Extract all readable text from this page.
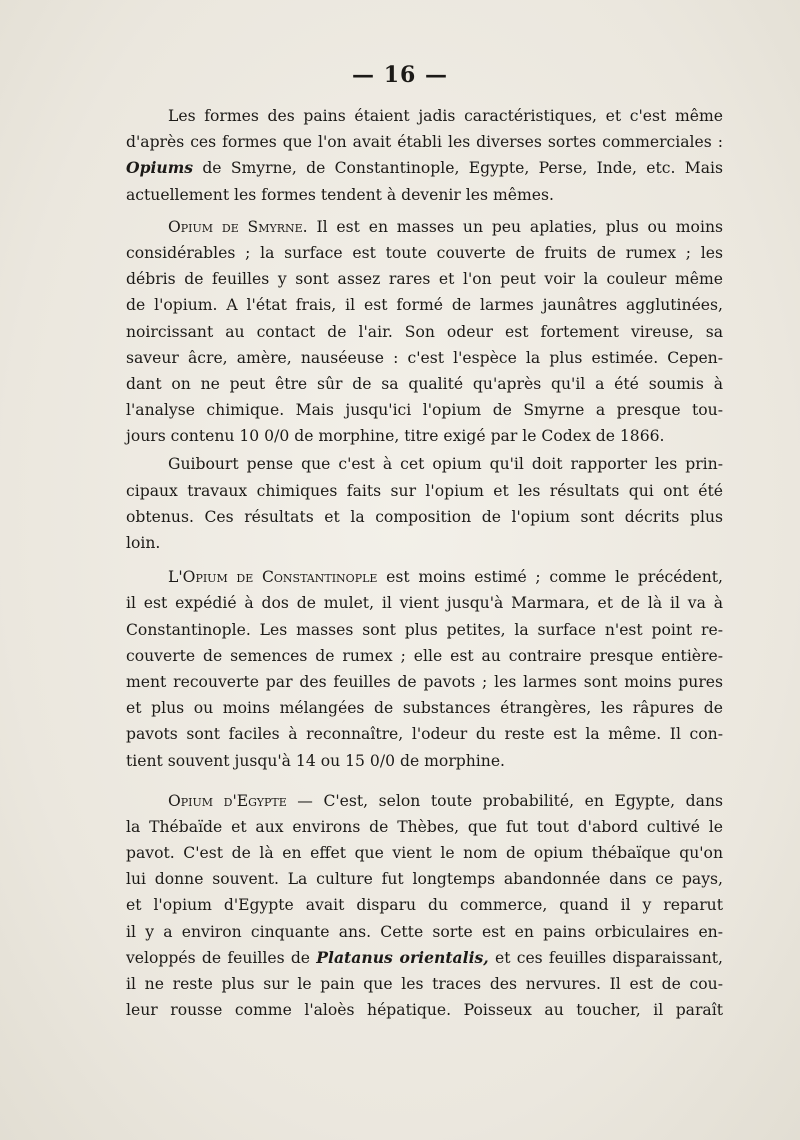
— 16 —
Les formes des pains étaient jadis caractéristiques, et c'est même
d'après ces formes que l'on avait établi les diverses sortes commerciales :
Opiums de Smyrne, de Constantinople, Egypte, Perse, Inde, etc. Mais
actuellement les formes tendent à devenir les mêmes.
Opium de Smyrne. Il est en masses un peu aplaties, plus ou moins
considérables ; la surface est toute couverte de fruits de rumex ; les
débris de feuilles y sont assez rares et l'on peut voir la couleur même
de l'opium. A l'état frais, il est formé de larmes jaunâtres agglutinées,
noircissant au contact de l'air. Son odeur est fortement vireuse, sa
saveur âcre, amère, nauséeuse : c'est l'espèce la plus estimée. Cepen-
dant on ne peut être sûr de sa qualité qu'après qu'il a été soumis à
l'analyse chimique. Mais jusqu'ici l'opium de Smyrne a presque tou-
jours contenu 10 0/0 de morphine, titre exigé par le Codex de 1866.
Guibourt pense que c'est à cet opium qu'il doit rapporter les prin-
cipaux travaux chimiques faits sur l'opium et les résultats qui ont été
obtenus. Ces résultats et la composition de l'opium sont décrits plus
loin.
L'Opium de Constantinople est moins estimé ; comme le précédent,
il est expédié à dos de mulet, il vient jusqu'à Marmara, et de là il va à
Constantinople. Les masses sont plus petites, la surface n'est point re-
couverte de semences de rumex ; elle est au contraire presque entière-
ment recouverte par des feuilles de pavots ; les larmes sont moins pures
et plus ou moins mélangées de substances étrangères, les râpures de
pavots sont faciles à reconnaître, l'odeur du reste est la même. Il con-
tient souvent jusqu'à 14 ou 15 0/0 de morphine.
Opium d'Egypte — C'est, selon toute probabilité, en Egypte, dans
la Thébaïde et aux environs de Thèbes, que fut tout d'abord cultivé le
pavot. C'est de là en effet que vient le nom de opium thébaïque qu'on
lui donne souvent. La culture fut longtemps abandonnée dans ce pays,
et l'opium d'Egypte avait disparu du commerce, quand il y reparut
il y a environ cinquante ans. Cette sorte est en pains orbiculaires en-
veloppés de feuilles de Platanus orientalis, et ces feuilles disparaissant,
il ne reste plus sur le pain que les traces des nervures. Il est de cou-
leur rousse comme l'aloès hépatique. Poisseux au toucher, il paraît
